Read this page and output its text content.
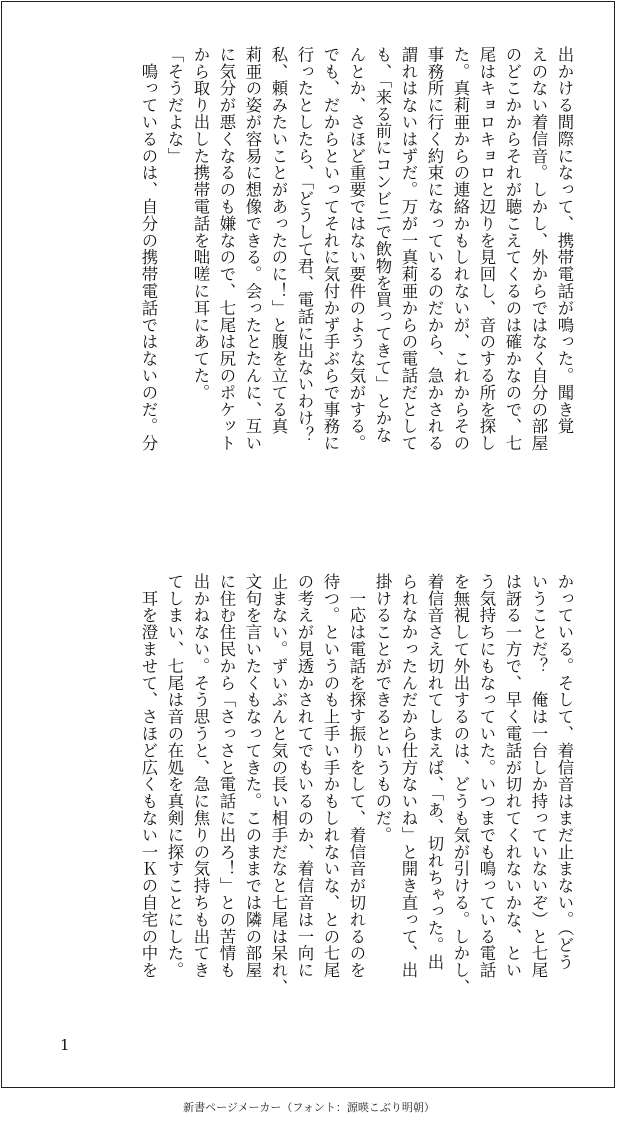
出かける間際になって、携帯電話が鳴った。聞き覚
えのない着信音。しかし、外からではなく自分の部屋
のどこかからそれが聴こえてくるのは確かなので、七
尾はキョロキョロと辺りを見回し、音のする所を探し
た。真莉亜からの連絡かもしれないが、これからその
事務所に行く約束になっているのだから、急かされる
謂れはないはずだ。万が一真莉亜からの電話だとして
も、「来る前にコンビニで飲物を買ってきて」とかな
んとか、さほど重要ではない要件のような気がする。
でも、だからといってそれに気付かず手ぶらで事務に
行ったとしたら、「どうして君、電話に出ないわけ？
私、頼みたいことがあったのに！」と腹を立てる真
莉亜の姿が容易に想像できる。会ったとたんに、互い
に気分が悪くなるのも嫌なので、七尾は尻のポケット
から取り出した携帯電話を咄嗟に耳にあてた。
「そうだよな」
　鳴っているのは、自分の携帯電話ではないのだ。分
かっている。そして、着信音はまだ止まない。（どう
いうことだ？　俺は一台しか持っていないぞ）と七尾
は訝る一方で、早く電話が切れてくれないかな、とい
う気持ちにもなっていた。いつまでも鳴っている電話
を無視して外出するのは、どうも気が引ける。しかし、
着信音さえ切れてしまえば、「あ、切れちゃった。出
られなかったんだから仕方ないね」と開き直って、出
掛けることができるというものだ。
　一応は電話を探す振りをして、着信音が切れるのを
待つ。というのも上手い手かもしれないな、との七尾
の考えが見透かされてでもいるのか、着信音は一向に
止まない。ずいぶんと気の長い相手だなと七尾は呆れ、
文句を言いたくもなってきた。このままでは隣の部屋
に住む住民から「さっさと電話に出ろ！」との苦情も
出かねない。そう思うと、急に焦りの気持ちも出てき
てしまい、七尾は音の在処を真剣に探すことにした。
　耳を澄ませて、さほど広くもない一Ｋの自宅の中を
1
新書ページメーカー（フォント：源暎こぶり明朝）
